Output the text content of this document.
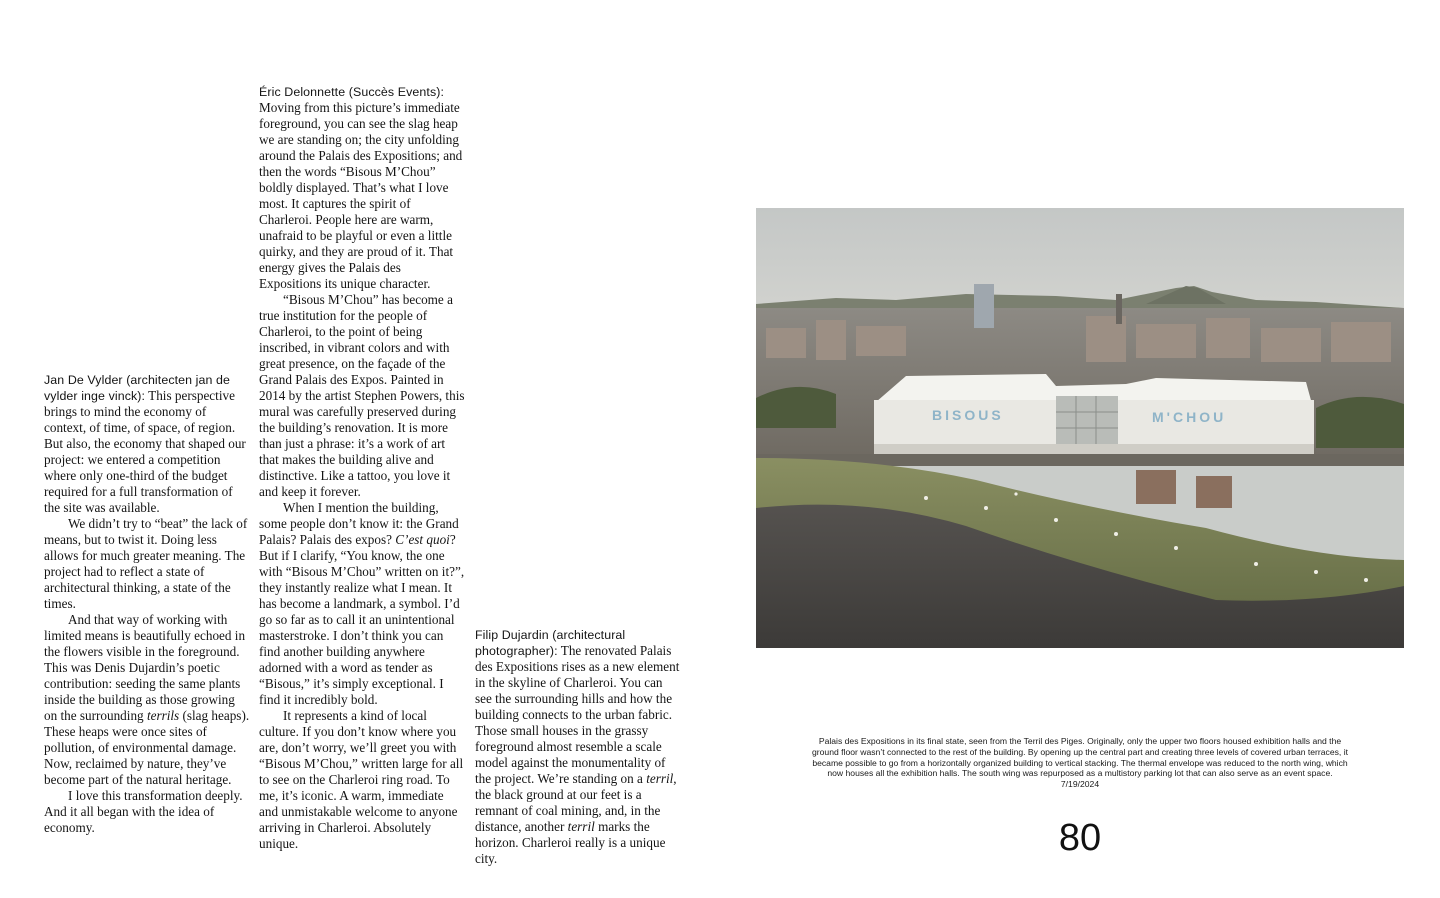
Jan De Vylder (architecten jan de vylder inge vinck): This perspective brings to mind the economy of context, of time, of space, of region. But also, the economy that shaped our project: we entered a competition where only one-third of the budget required for a full transformation of the site was available.

We didn’t try to “beat” the lack of means, but to twist it. Doing less allows for much greater meaning. The project had to reflect a state of architectural thinking, a state of the times.

And that way of working with limited means is beautifully echoed in the flowers visible in the foreground. This was Denis Dujardin’s poetic contribution: seeding the same plants inside the building as those growing on the surrounding terrils (slag heaps). These heaps were once sites of pollution, of environmental damage. Now, reclaimed by nature, they’ve become part of the natural heritage.

I love this transformation deeply. And it all began with the idea of economy.

Éric Delonnette (Succès Events):
Moving from this picture’s immediate foreground, you can see the slag heap we are standing on; the city unfolding around the Palais des Expositions; and then the words “Bisous M’Chou” boldly displayed. That’s what I love most. It captures the spirit of Charleroi. People here are warm, unafraid to be playful or even a little quirky, and they are proud of it. That energy gives the Palais des Expositions its unique character.

“Bisous M’Chou” has become a true institution for the people of Charleroi, to the point of being inscribed, in vibrant colors and with great presence, on the façade of the Grand Palais des Expos. Painted in 2014 by the artist Stephen Powers, this mural was carefully preserved during the building’s renovation. It is more than just a phrase: it’s a work of art that makes the building alive and distinctive. Like a tattoo, you love it and keep it forever.

When I mention the building, some people don’t know it: the Grand Palais? Palais des expos? C’est quoi? But if I clarify, “You know, the one with “Bisous M’Chou” written on it?”, they instantly realize what I mean. It has become a landmark, a symbol. I’d go so far as to call it an unintentional masterstroke. I don’t think you can find another building anywhere adorned with a word as tender as “Bisous,” it’s simply exceptional. I find it incredibly bold.

It represents a kind of local culture. If you don’t know where you are, don’t worry, we’ll greet you with “Bisous M’Chou,” written large for all to see on the Charleroi ring road. To me, it’s iconic. A warm, immediate and unmistakable welcome to anyone arriving in Charleroi. Absolutely unique.

Filip Dujardin (architectural photographer): The renovated Palais des Expositions rises as a new element in the skyline of Charleroi. You can see the surrounding hills and how the building connects to the urban fabric. Those small houses in the grassy foreground almost resemble a scale model against the monumentality of the project. We’re standing on a terril, the black ground at our feet is a remnant of coal mining, and, in the distance, another terril marks the horizon. Charleroi really is a unique city.

BISOUS	M'CHOU
Palais des Expositions in its final state, seen from the Terril des Piges. Originally, only the upper two floors housed exhibition halls and the ground floor wasn’t connected to the rest of the building. By opening up the central part and creating three levels of covered urban terraces, it became possible to go from a horizontally organized building to vertical stacking. The thermal envelope was reduced to the north wing, which now houses all the exhibition halls. The south wing was repurposed as a multistory parking lot that can also serve as an event space. 7/19/2024
80
